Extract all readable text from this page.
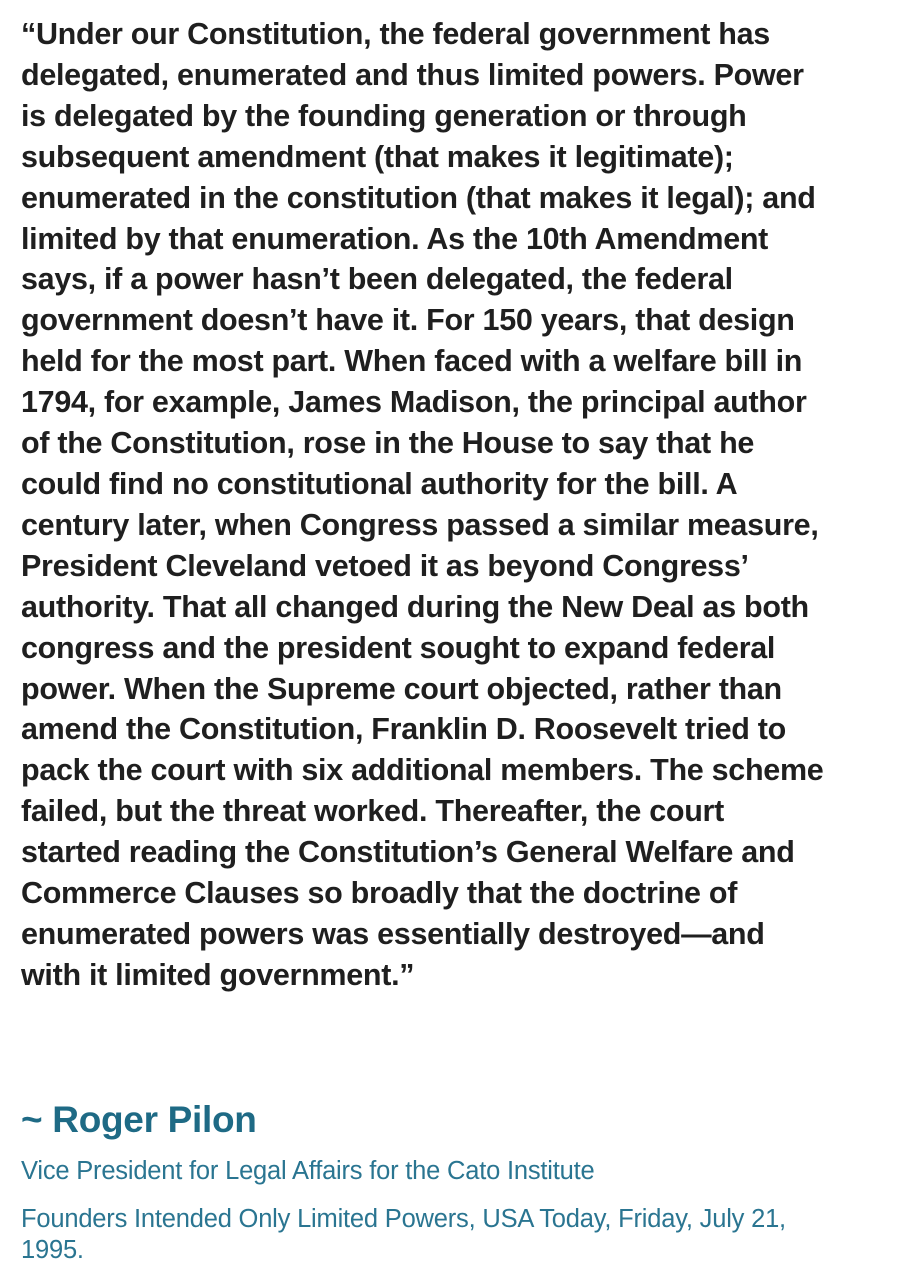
“Under our Constitution, the federal government has
delegated, enumerated and thus limited powers. Power
is delegated by the founding generation or through
subsequent amendment (that makes it legitimate);
enumerated in the constitution (that makes it legal); and
limited by that enumeration. As the 10th Amendment
says, if a power hasn’t been delegated, the federal
government doesn’t have it. For 150 years, that design
held for the most part. When faced with a welfare bill in
1794, for example, James Madison, the principal author
of the Constitution, rose in the House to say that he
could find no constitutional authority for the bill. A
century later, when Congress passed a similar measure,
President Cleveland vetoed it as beyond Congress’
authority. That all changed during the New Deal as both
congress and the president sought to expand federal
power. When the Supreme court objected, rather than
amend the Constitution, Franklin D. Roosevelt tried to
pack the court with six additional members. The scheme
failed, but the threat worked. Thereafter, the court
started reading the Constitution’s General Welfare and
Commerce Clauses so broadly that the doctrine of
enumerated powers was essentially destroyed—and
with it limited government.”

~ Roger Pilon

Vice President for Legal Affairs for the Cato Institute

Founders Intended Only Limited Powers, USA Today, Friday, July 21,
1995.
